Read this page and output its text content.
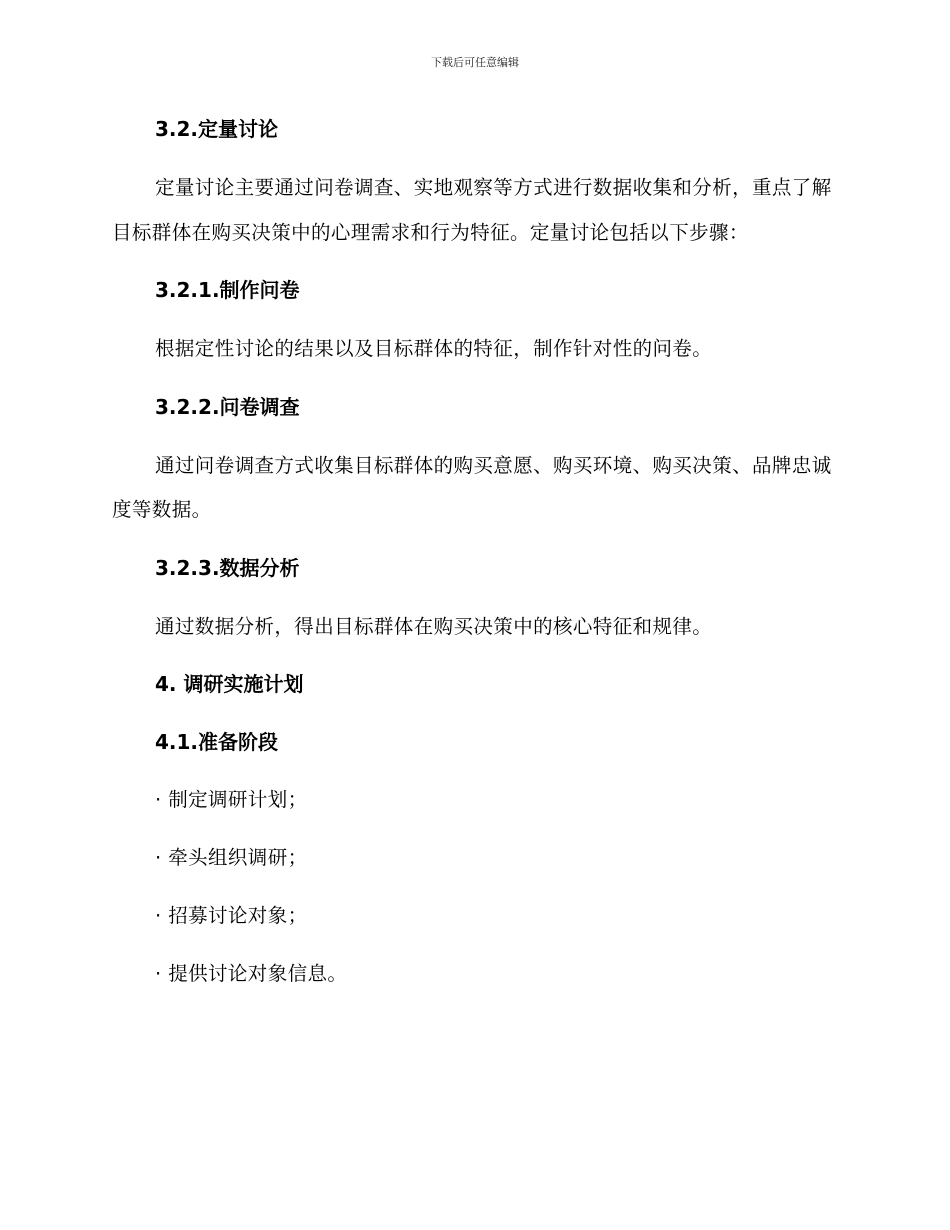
下载后可任意编辑
3.2.定量讨论
定量讨论主要通过问卷调查、实地观察等方式进行数据收集和分析，重点了解目标群体在购买决策中的心理需求和行为特征。定量讨论包括以下步骤：
3.2.1.制作问卷
根据定性讨论的结果以及目标群体的特征，制作针对性的问卷。
3.2.2.问卷调查
通过问卷调查方式收集目标群体的购买意愿、购买环境、购买决策、品牌忠诚度等数据。
3.2.3.数据分析
通过数据分析，得出目标群体在购买决策中的核心特征和规律。
4. 调研实施计划
4.1.准备阶段
· 制定调研计划；
· 牵头组织调研；
· 招募讨论对象；
· 提供讨论对象信息。
